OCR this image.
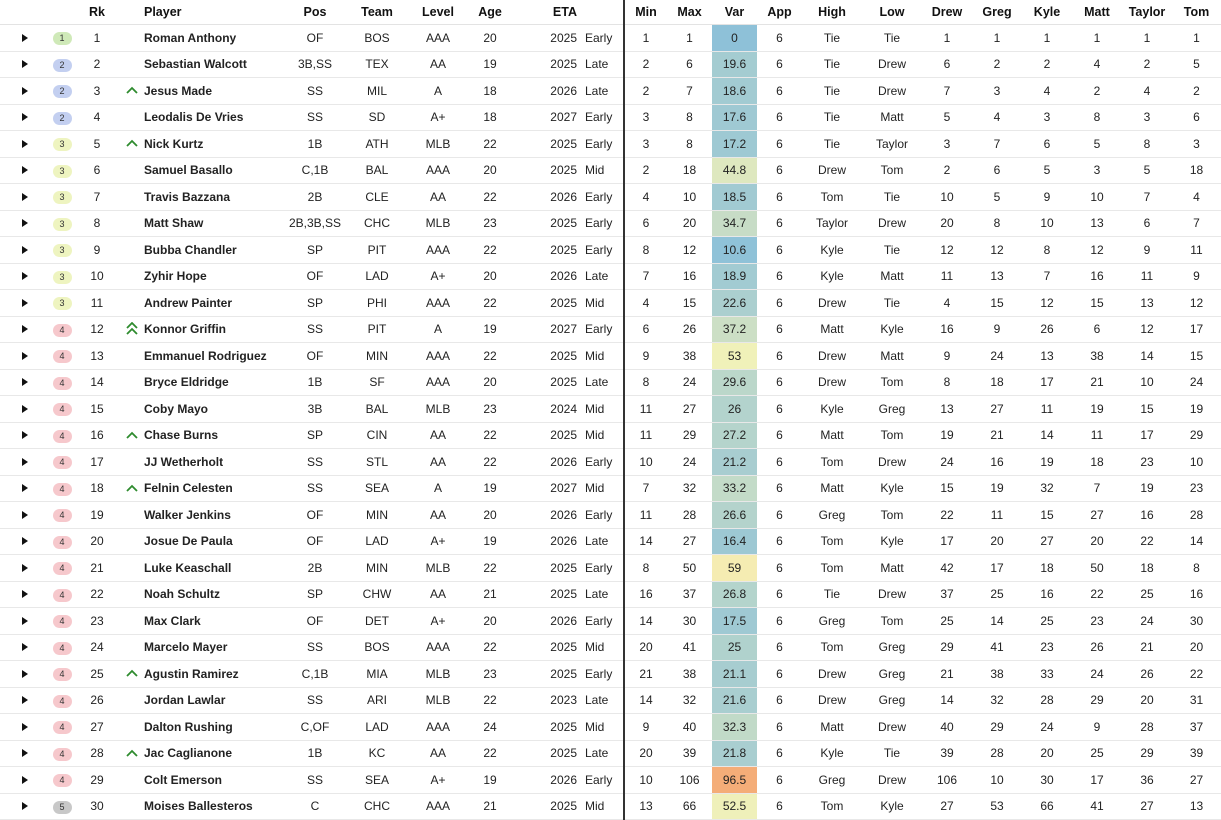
		Rk		Player	Pos	Team	Level	Age	ETA		Min	Max	Var	App	High	Low	Drew	Greg	Kyle	Matt	Taylor	Tom
	1	1		Roman Anthony	OF	BOS	AAA	20	2025	Early	1	1	0	6	Tie	Tie	1	1	1	1	1	1
	2	2		Sebastian Walcott	3B,SS	TEX	AA	19	2025	Late	2	6	19.6	6	Tie	Drew	6	2	2	4	2	5
	2	3		Jesus Made	SS	MIL	A	18	2026	Late	2	7	18.6	6	Tie	Drew	7	3	4	2	4	2
	2	4		Leodalis De Vries	SS	SD	A+	18	2027	Early	3	8	17.6	6	Tie	Matt	5	4	3	8	3	6
	3	5		Nick Kurtz	1B	ATH	MLB	22	2025	Early	3	8	17.2	6	Tie	Taylor	3	7	6	5	8	3
	3	6		Samuel Basallo	C,1B	BAL	AAA	20	2025	Mid	2	18	44.8	6	Drew	Tom	2	6	5	3	5	18
	3	7		Travis Bazzana	2B	CLE	AA	22	2026	Early	4	10	18.5	6	Tom	Tie	10	5	9	10	7	4
	3	8		Matt Shaw	2B,3B,SS	CHC	MLB	23	2025	Early	6	20	34.7	6	Taylor	Drew	20	8	10	13	6	7
	3	9		Bubba Chandler	SP	PIT	AAA	22	2025	Early	8	12	10.6	6	Kyle	Tie	12	12	8	12	9	11
	3	10		Zyhir Hope	OF	LAD	A+	20	2026	Late	7	16	18.9	6	Kyle	Matt	11	13	7	16	11	9
	3	11		Andrew Painter	SP	PHI	AAA	22	2025	Mid	4	15	22.6	6	Drew	Tie	4	15	12	15	13	12
	4	12		Konnor Griffin	SS	PIT	A	19	2027	Early	6	26	37.2	6	Matt	Kyle	16	9	26	6	12	17
	4	13		Emmanuel Rodriguez	OF	MIN	AAA	22	2025	Mid	9	38	53	6	Drew	Matt	9	24	13	38	14	15
	4	14		Bryce Eldridge	1B	SF	AAA	20	2025	Late	8	24	29.6	6	Drew	Tom	8	18	17	21	10	24
	4	15		Coby Mayo	3B	BAL	MLB	23	2024	Mid	11	27	26	6	Kyle	Greg	13	27	11	19	15	19
	4	16		Chase Burns	SP	CIN	AA	22	2025	Mid	11	29	27.2	6	Matt	Tom	19	21	14	11	17	29
	4	17		JJ Wetherholt	SS	STL	AA	22	2026	Early	10	24	21.2	6	Tom	Drew	24	16	19	18	23	10
	4	18		Felnin Celesten	SS	SEA	A	19	2027	Mid	7	32	33.2	6	Matt	Kyle	15	19	32	7	19	23
	4	19		Walker Jenkins	OF	MIN	AA	20	2026	Early	11	28	26.6	6	Greg	Tom	22	11	15	27	16	28
	4	20		Josue De Paula	OF	LAD	A+	19	2026	Late	14	27	16.4	6	Tom	Kyle	17	20	27	20	22	14
	4	21		Luke Keaschall	2B	MIN	MLB	22	2025	Early	8	50	59	6	Tom	Matt	42	17	18	50	18	8
	4	22		Noah Schultz	SP	CHW	AA	21	2025	Late	16	37	26.8	6	Tie	Drew	37	25	16	22	25	16
	4	23		Max Clark	OF	DET	A+	20	2026	Early	14	30	17.5	6	Greg	Tom	25	14	25	23	24	30
	4	24		Marcelo Mayer	SS	BOS	AAA	22	2025	Mid	20	41	25	6	Tom	Greg	29	41	23	26	21	20
	4	25		Agustin Ramirez	C,1B	MIA	MLB	23	2025	Early	21	38	21.1	6	Drew	Greg	21	38	33	24	26	22
	4	26		Jordan Lawlar	SS	ARI	MLB	22	2023	Late	14	32	21.6	6	Drew	Greg	14	32	28	29	20	31
	4	27		Dalton Rushing	C,OF	LAD	AAA	24	2025	Mid	9	40	32.3	6	Matt	Drew	40	29	24	9	28	37
	4	28		Jac Caglianone	1B	KC	AA	22	2025	Late	20	39	21.8	6	Kyle	Tie	39	28	20	25	29	39
	4	29		Colt Emerson	SS	SEA	A+	19	2026	Early	10	106	96.5	6	Greg	Drew	106	10	30	17	36	27
	5	30		Moises Ballesteros	C	CHC	AAA	21	2025	Mid	13	66	52.5	6	Tom	Kyle	27	53	66	41	27	13
